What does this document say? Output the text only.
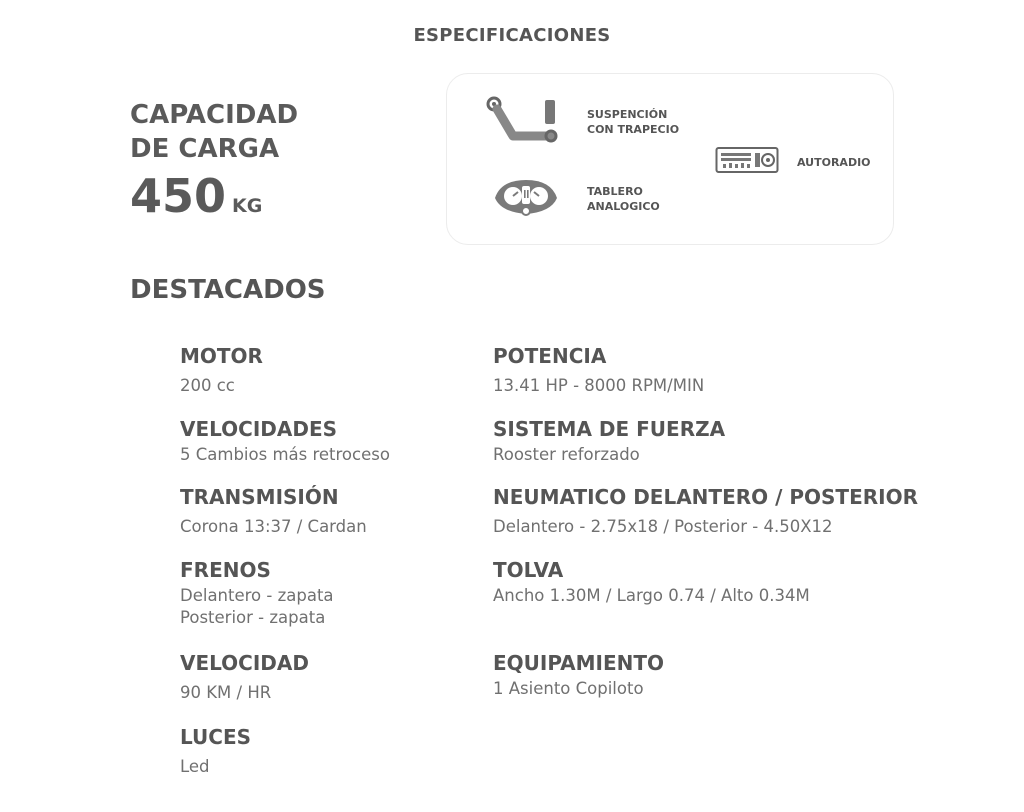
ESPECIFICACIONES
CAPACIDAD
DE CARGA
450 KG
SUSPENCIÓN
CON TRAPECIO
TABLERO
ANALOGICO
AUTORADIO
DESTACADOS
MOTOR
200 cc
VELOCIDADES
5 Cambios más retroceso
TRANSMISIÓN
Corona 13:37 / Cardan
FRENOS
Delantero - zapata
Posterior - zapata
VELOCIDAD
90 KM / HR
LUCES
Led
POTENCIA
13.41 HP - 8000 RPM/MIN
SISTEMA DE FUERZA
Rooster reforzado
NEUMATICO DELANTERO / POSTERIOR
Delantero - 2.75x18 / Posterior - 4.50X12
TOLVA
Ancho 1.30M / Largo 0.74 / Alto 0.34M
EQUIPAMIENTO
1 Asiento Copiloto
